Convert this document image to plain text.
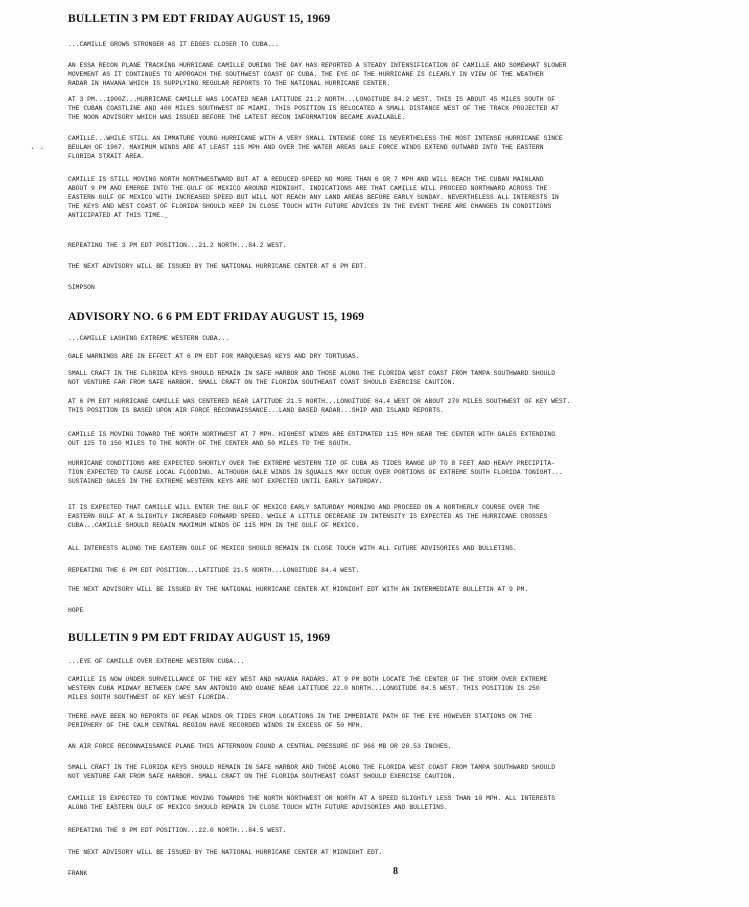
. .
BULLETIN 3 PM EDT FRIDAY AUGUST 15, 1969
...CAMILLE GROWS STRONGER AS IT EDGES CLOSER TO CUBA...
AN ESSA RECON PLANE TRACKING HURRICANE CAMILLE DURING THE DAY HAS REPORTED A STEADY INTENSIFICATION OF CAMILLE AND SOMEWHAT SLOWER
MOVEMENT AS IT CONTINUES TO APPROACH THE SOUTHWEST COAST OF CUBA. THE EYE OF THE HURRICANE IS CLEARLY IN VIEW OF THE WEATHER
RADAR IN HAVANA WHICH IS SUPPLYING REGULAR REPORTS TO THE NATIONAL HURRICANE CENTER.
AT 3 PM...1900Z...HURRICANE CAMILLE WAS LOCATED NEAR LATITUDE 21.2 NORTH...LONGITUDE 84.2 WEST. THIS IS ABOUT 45 MILES SOUTH OF
THE CUBAN COASTLINE AND 400 MILES SOUTHWEST OF MIAMI. THIS POSITION IS RELOCATED A SMALL DISTANCE WEST OF THE TRACK PROJECTED AT
THE NOON ADVISORY WHICH WAS ISSUED BEFORE THE LATEST RECON INFORMATION BECAME AVAILABLE.
CAMILLE...WHILE STILL AN IMMATURE YOUNG HURRICANE WITH A VERY SMALL INTENSE CORE IS NEVERTHELESS THE MOST INTENSE HURRICANE SINCE
BEULAH OF 1967. MAXIMUM WINDS ARE AT LEAST 115 MPH AND OVER THE WATER AREAS GALE FORCE WINDS EXTEND OUTWARD INTO THE EASTERN
FLORIDA STRAIT AREA.
CAMILLE IS STILL MOVING NORTH NORTHWESTWARD BUT AT A REDUCED SPEED NO MORE THAN 6 OR 7 MPH AND WILL REACH THE CUBAN MAINLAND
ABOUT 9 PM AND EMERGE INTO THE GULF OF MEXICO AROUND MIDNIGHT. INDICATIONS ARE THAT CAMILLE WILL PROCEED NORTHWARD ACROSS THE
EASTERN GULF OF MEXICO WITH INCREASED SPEED BUT WILL NOT REACH ANY LAND AREAS BEFORE EARLY SUNDAY. NEVERTHELESS ALL INTERESTS IN
THE KEYS AND WEST COAST OF FLORIDA SHOULD KEEP IN CLOSE TOUCH WITH FUTURE ADVICES IN THE EVENT THERE ARE CHANGES IN CONDITIONS
ANTICIPATED AT THIS TIME._
REPEATING THE 3 PM EDT POSITION...21.2 NORTH...84.2 WEST.
THE NEXT ADVISORY WILL BE ISSUED BY THE NATIONAL HURRICANE CENTER AT 6 PM EDT.
SIMPSON
ADVISORY NO. 6 6 PM EDT FRIDAY AUGUST 15, 1969
...CAMILLE LASHING EXTREME WESTERN CUBA...
GALE WARNINGS ARE IN EFFECT AT 6 PM EDT FOR MARQUESAS KEYS AND DRY TORTUGAS.
SMALL CRAFT IN THE FLORIDA KEYS SHOULD REMAIN IN SAFE HARBOR AND THOSE ALONG THE FLORIDA WEST COAST FROM TAMPA SOUTHWARD SHOULD
NOT VENTURE FAR FROM SAFE HARBOR. SMALL CRAFT ON THE FLORIDA SOUTHEAST COAST SHOULD EXERCISE CAUTION.
AT 6 PM EDT HURRICANE CAMILLE WAS CENTERED NEAR LATITUDE 21.5 NORTH...LONGITUDE 84.4 WEST OR ABOUT 270 MILES SOUTHWEST OF KEY WEST.
THIS POSITION IS BASED UPON AIR FORCE RECONNAISSANCE...LAND BASED RADAR...SHIP AND ISLAND REPORTS.
CAMILLE IS MOVING TOWARD THE NORTH NORTHWEST AT 7 MPH. HIGHEST WINDS ARE ESTIMATED 115 MPH NEAR THE CENTER WITH GALES EXTENDING
OUT 125 TO 150 MILES TO THE NORTH OF THE CENTER AND 50 MILES TO THE SOUTH.
HURRICANE CONDITIONS ARE EXPECTED SHORTLY OVER THE EXTREME WESTERN TIP OF CUBA AS TIDES RANGE UP TO 8 FEET AND HEAVY PRECIPITA-
TION EXPECTED TO CAUSE LOCAL FLOODING. ALTHOUGH GALE WINDS IN SQUALLS MAY OCCUR OVER PORTIONS OF EXTREME SOUTH FLORIDA TONIGHT...
SUSTAINED GALES IN THE EXTREME WESTERN KEYS ARE NOT EXPECTED UNTIL EARLY SATURDAY.
IT IS EXPECTED THAT CAMILLE WILL ENTER THE GULF OF MEXICO EARLY SATURDAY MORNING AND PROCEED ON A NORTHERLY COURSE OVER THE
EASTERN GULF AT A SLIGHTLY INCREASED FORWARD SPEED. WHILE A LITTLE DECREASE IN INTENSITY IS EXPECTED AS THE HURRICANE CROSSES
CUBA...CAMILLE SHOULD REGAIN MAXIMUM WINDS OF 115 MPH IN THE GULF OF MEXICO.
ALL INTERESTS ALONG THE EASTERN GULF OF MEXICO SHOULD REMAIN IN CLOSE TOUCH WITH ALL FUTURE ADVISORIES AND BULLETINS.
REPEATING THE 6 PM EDT POSITION...LATITUDE 21.5 NORTH...LONGITUDE 84.4 WEST.
THE NEXT ADVISORY WILL BE ISSUED BY THE NATIONAL HURRICANE CENTER AT MIDNIGHT EDT WITH AN INTERMEDIATE BULLETIN AT 9 PM.
HOPE
BULLETIN 9 PM EDT FRIDAY AUGUST 15, 1969
...EYE OF CAMILLE OVER EXTREME WESTERN CUBA...
CAMILLE IS NOW UNDER SURVEILLANCE OF THE KEY WEST AND HAVANA RADARS. AT 9 PM BOTH LOCATE THE CENTER OF THE STORM OVER EXTREME
WESTERN CUBA MIDWAY BETWEEN CAPE SAN ANTONIO AND GUANE NEAR LATITUDE 22.0 NORTH...LONGITUDE 84.5 WEST. THIS POSITION IS 250
MILES SOUTH SOUTHWEST OF KEY WEST FLORIDA.
THERE HAVE BEEN NO REPORTS OF PEAK WINDS OR TIDES FROM LOCATIONS IN THE IMMEDIATE PATH OF THE EYE HOWEVER STATIONS ON THE
PERIPHERY OF THE CALM CENTRAL REGION HAVE RECORDED WINDS IN EXCESS OF 50 MPH.
AN AIR FORCE RECONNAISSANCE PLANE THIS AFTERNOON FOUND A CENTRAL PRESSURE OF 966 MB OR 28.53 INCHES.
SMALL CRAFT IN THE FLORIDA KEYS SHOULD REMAIN IN SAFE HARBOR AND THOSE ALONG THE FLORIDA WEST COAST FROM TAMPA SOUTHWARD SHOULD
NOT VENTURE FAR FROM SAFE HARBOR. SMALL CRAFT ON THE FLORIDA SOUTHEAST COAST SHOULD EXERCISE CAUTION.
CAMILLE IS EXPECTED TO CONTINUE MOVING TOWARDS THE NORTH NORTHWEST OR NORTH AT A SPEED SLIGHTLY LESS THAN 10 MPH. ALL INTERESTS
ALONG THE EASTERN GULF OF MEXICO SHOULD REMAIN IN CLOSE TOUCH WITH FUTURE ADVISORIES AND BULLETINS.
REPEATING THE 9 PM EDT POSITION...22.0 NORTH...84.5 WEST.
THE NEXT ADVISORY WILL BE ISSUED BY THE NATIONAL HURRICANE CENTER AT MIDNIGHT EDT.
FRANK	8
